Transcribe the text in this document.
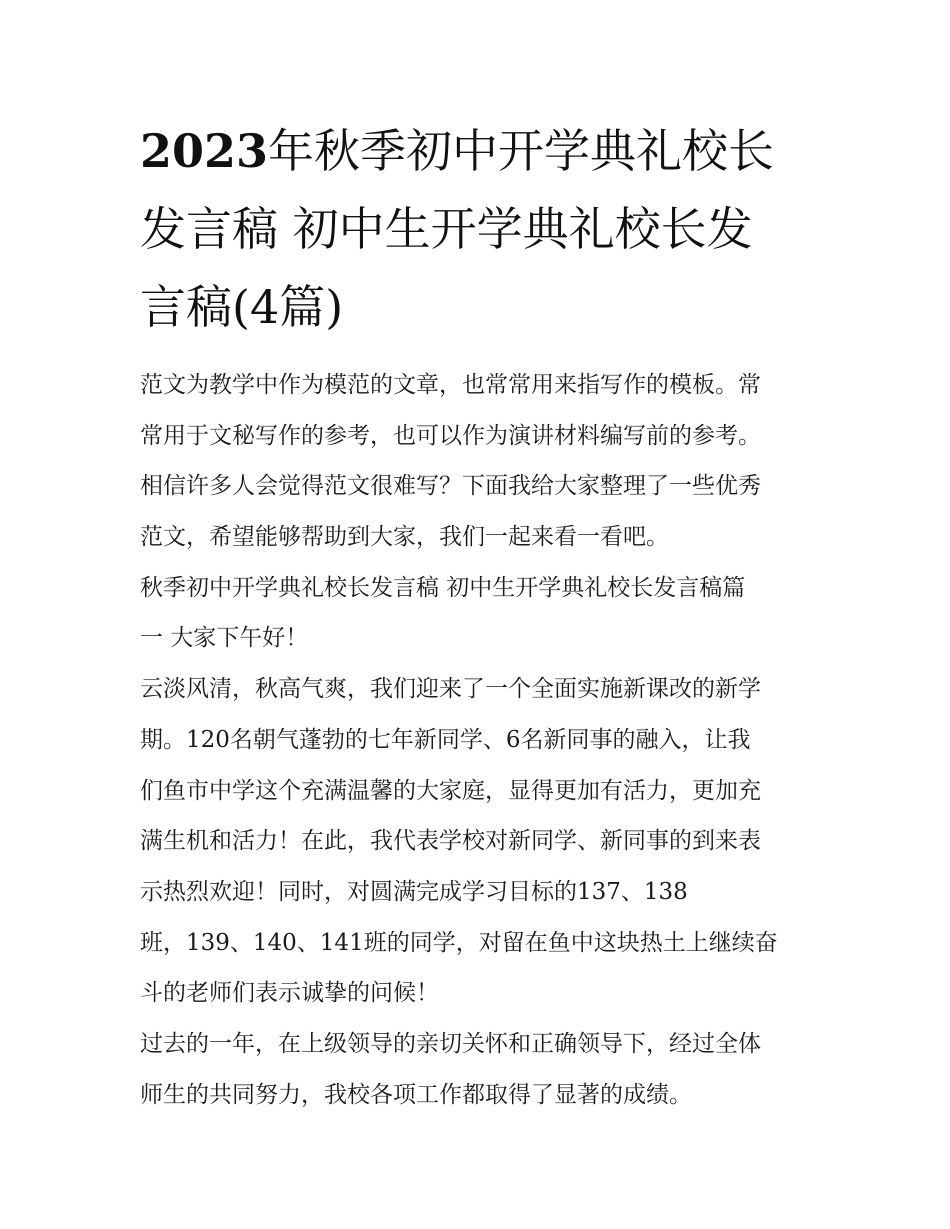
2023年秋季初中开学典礼校长
发言稿 初中生开学典礼校长发
言稿(4篇)
范文为教学中作为模范的文章，也常常用来指写作的模板。常
常用于文秘写作的参考，也可以作为演讲材料编写前的参考。
相信许多人会觉得范文很难写？下面我给大家整理了一些优秀
范文，希望能够帮助到大家，我们一起来看一看吧。
秋季初中开学典礼校长发言稿 初中生开学典礼校长发言稿篇
一 大家下午好！
云淡风清，秋高气爽，我们迎来了一个全面实施新课改的新学
期。120名朝气蓬勃的七年新同学、6名新同事的融入，让我
们鱼市中学这个充满温馨的大家庭，显得更加有活力，更加充
满生机和活力！在此，我代表学校对新同学、新同事的到来表
示热烈欢迎！同时，对圆满完成学习目标的137、138
班，139、140、141班的同学，对留在鱼中这块热土上继续奋
斗的老师们表示诚挚的问候！
过去的一年，在上级领导的亲切关怀和正确领导下，经过全体
师生的共同努力，我校各项工作都取得了显著的成绩。
